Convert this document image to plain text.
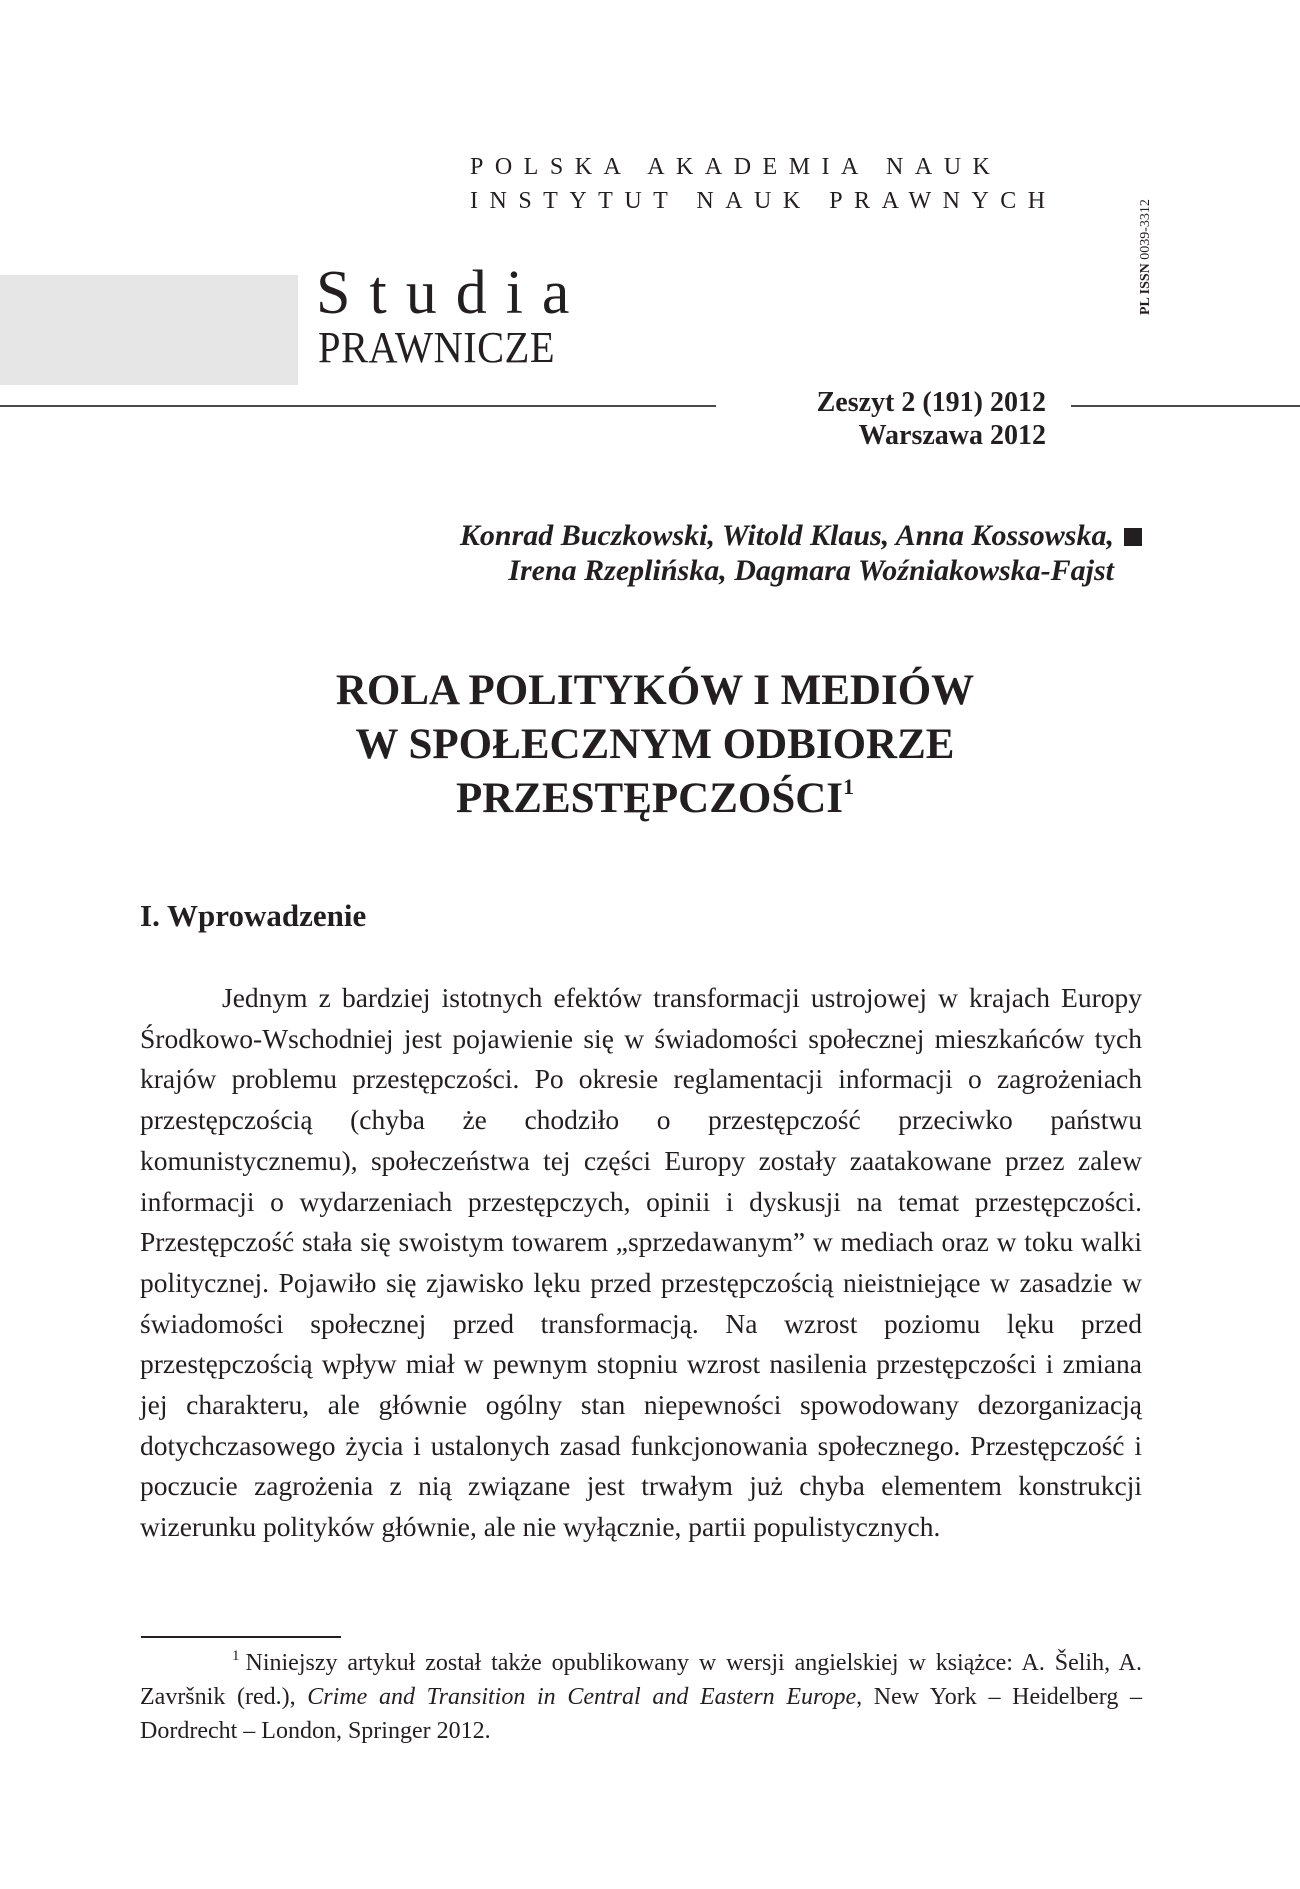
POLSKA AKADEMIA NAUK
INSTYTUT NAUK PRAWNYCH
PL ISSN 0039-3312
Studia
PRAWNICZE
Zeszyt 2 (191) 2012
Warszawa 2012
Konrad Buczkowski, Witold Klaus, Anna Kossowska,
Irena Rzeplińska, Dagmara Woźniakowska-Fajst
ROLA POLITYKÓW I MEDIÓW
W SPOŁECZNYM ODBIORZE
PRZESTĘPCZOŚCI$^1$
I. Wprowadzenie

Jednym z bardziej istotnych efektów transformacji ustrojowej w krajach Europy Środkowo-Wschodniej jest pojawienie się w świadomości społecznej mieszkańców tych krajów problemu przestępczości. Po okresie reglamentacji informacji o zagrożeniach przestępczością (chyba że chodziło o przestępczość przeciwko państwu komunistycznemu), społeczeństwa tej części Europy zostały zaatakowane przez zalew informacji o wydarzeniach przestępczych, opinii i dyskusji na temat przestępczości. Przestępczość stała się swoistym towarem „sprzedawanym” w mediach oraz w toku walki politycznej. Pojawiło się zjawisko lęku przed przestępczością nieistniejące w zasadzie w świadomości społecznej przed transformacją. Na wzrost poziomu lęku przed przestępczością wpływ miał w pewnym stopniu wzrost nasilenia przestępczości i zmiana jej charakteru, ale głównie ogólny stan niepewności spowodowany dezorganizacją dotychczasowego życia i ustalonych zasad funkcjonowania społecznego. Przestępczość i poczucie zagrożenia z nią związane jest trwałym już chyba elementem konstrukcji wizerunku polityków głównie, ale nie wyłącznie, partii populistycznych.

$^1$ Niniejszy artykuł został także opublikowany w wersji angielskiej w książce: A. Šelih, A. Završnik (red.), Crime and Transition in Central and Eastern Europe, New York – Heidelberg – Dordrecht – London, Springer 2012.
